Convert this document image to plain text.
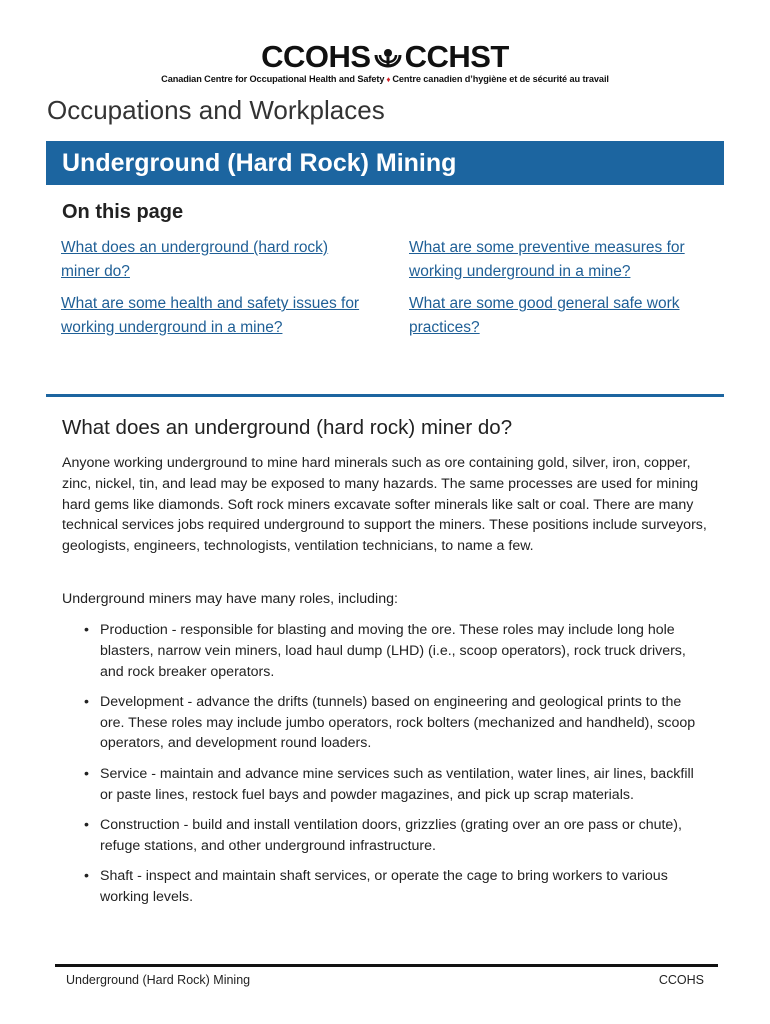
CCOHS CCHST
Canadian Centre for Occupational Health and Safety ♦ Centre canadien d’hygiène et de sécurité au travail
Occupations and Workplaces
Underground (Hard Rock) Mining
On this page
What does an underground (hard rock) miner do?
What are some preventive measures for working underground in a mine?
What are some health and safety issues for working underground in a mine?
What are some good general safe work practices?
What does an underground (hard rock) miner do?

Anyone working underground to mine hard minerals such as ore containing gold, silver, iron, copper, zinc, nickel, tin, and lead may be exposed to many hazards. The same processes are used for mining hard gems like diamonds. Soft rock miners excavate softer minerals like salt or coal. There are many technical services jobs required underground to support the miners. These positions include surveyors, geologists, engineers, technologists, ventilation technicians, to name a few.

Underground miners may have many roles, including:

• Production - responsible for blasting and moving the ore. These roles may include long hole blasters, narrow vein miners, load haul dump (LHD) (i.e., scoop operators), rock truck drivers, and rock breaker operators.
• Development - advance the drifts (tunnels) based on engineering and geological prints to the ore. These roles may include jumbo operators, rock bolters (mechanized and handheld), scoop operators, and development round loaders.
• Service - maintain and advance mine services such as ventilation, water lines, air lines, backfill or paste lines, restock fuel bays and powder magazines, and pick up scrap materials.
• Construction - build and install ventilation doors, grizzlies (grating over an ore pass or chute), refuge stations, and other underground infrastructure.
• Shaft - inspect and maintain shaft services, or operate the cage to bring workers to various working levels.
Underground (Hard Rock) Mining	CCOHS
